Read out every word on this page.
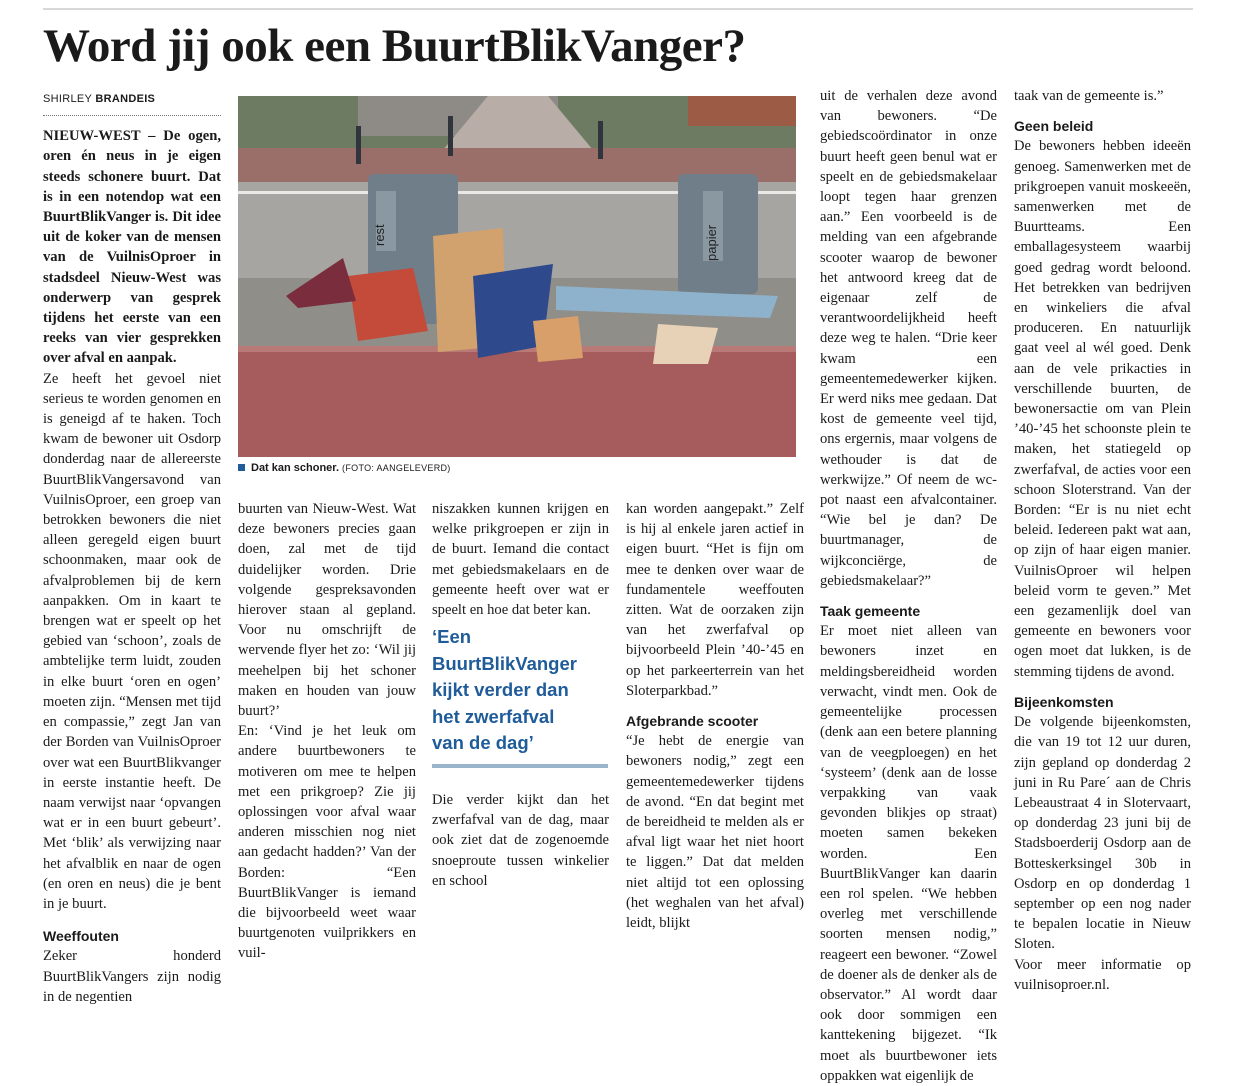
Word jij ook een BuurtBlikVanger?
SHIRLEY BRANDEIS

NIEUW-WEST – De ogen, oren én neus in je eigen steeds schonere buurt. Dat is in een notendop wat een BuurtBlikVanger is. Dit idee uit de koker van de mensen van de VuilnisOproer in stadsdeel Nieuw-West was onderwerp van gesprek tijdens het eerste van een reeks van vier gesprekken over afval en aanpak.

Ze heeft het gevoel niet serieus te worden genomen en is geneigd af te haken. Toch kwam de bewoner uit Osdorp donderdag naar de allereerste BuurtBlikVangersavond van VuilnisOproer, een groep van betrokken bewoners die niet alleen geregeld eigen buurt schoonmaken, maar ook de afvalproblemen bij de kern aanpakken. Om in kaart te brengen wat er speelt op het gebied van ‘schoon’, zoals de ambtelijke term luidt, zouden in elke buurt ‘oren en ogen’ moeten zijn. “Mensen met tijd en compassie,” zegt Jan van der Borden van VuilnisOproer over wat een BuurtBlikvanger in eerste instantie heeft. De naam verwijst naar ‘opvangen wat er in een buurt gebeurt’. Met ‘blik’ als verwijzing naar het afvalblik en naar de ogen (en oren en neus) die je bent in je buurt.

Weeffouten

Zeker honderd BuurtBlikVangers zijn nodig in de negentien

rest	papier
Dat kan schoner. (FOTO: AANGELEVERD)

buurten van Nieuw-West. Wat deze bewoners precies gaan doen, zal met de tijd duidelijker worden. Drie volgende gespreksavonden hierover staan al gepland. Voor nu omschrijft de wervende flyer het zo: ‘Wil jij meehelpen bij het schoner maken en houden van jouw buurt?’

En: ‘Vind je het leuk om andere buurtbewoners te motiveren om mee te helpen met een prikgroep? Zie jij oplossingen voor afval waar anderen misschien nog niet aan gedacht hadden?’ Van der Borden: “Een BuurtBlikVanger is iemand die bijvoorbeeld weet waar buurtgenoten vuilprikkers en vuil-

niszakken kunnen krijgen en welke prikgroepen er zijn in de buurt. Iemand die contact met gebiedsmakelaars en de gemeente heeft over wat er speelt en hoe dat beter kan.

‘Een
BuurtBlikVanger
kijkt verder dan
het zwerfafval
van de dag’

Die verder kijkt dan het zwerfafval van de dag, maar ook ziet dat de zogenoemde snoeproute tussen winkelier en school

kan worden aangepakt.” Zelf is hij al enkele jaren actief in eigen buurt. “Het is fijn om mee te denken over waar de fundamentele weeffouten zitten. Wat de oorzaken zijn van het zwerfafval op bijvoorbeeld Plein ’40-’45 en op het parkeerterrein van het Sloterparkbad.”

Afgebrande scooter

“Je hebt de energie van bewoners nodig,” zegt een gemeentemedewerker tijdens de avond. “En dat begint met de bereidheid te melden als er afval ligt waar het niet hoort te liggen.” Dat dat melden niet altijd tot een oplossing (het weghalen van het afval) leidt, blijkt

uit de verhalen deze avond van bewoners. “De gebiedscoördinator in onze buurt heeft geen benul wat er speelt en de gebiedsmakelaar loopt tegen haar grenzen aan.” Een voorbeeld is de melding van een afgebrande scooter waarop de bewoner het antwoord kreeg dat de eigenaar zelf de verantwoordelijkheid heeft deze weg te halen. “Drie keer kwam een gemeentemedewerker kijken. Er werd niks mee gedaan. Dat kost de gemeente veel tijd, ons ergernis, maar volgens de wethouder is dat de werkwijze.” Of neem de wc-pot naast een afvalcontainer. “Wie bel je dan? De buurtmanager, de wijkconciërge, de gebiedsmakelaar?”

Taak gemeente

Er moet niet alleen van bewoners inzet en meldingsbereidheid worden verwacht, vindt men. Ook de gemeentelijke processen (denk aan een betere planning van de veegploegen) en het ‘systeem’ (denk aan de losse verpakking van vaak gevonden blikjes op straat) moeten samen bekeken worden. Een BuurtBlikVanger kan daarin een rol spelen. “We hebben overleg met verschillende soorten mensen nodig,” reageert een bewoner. “Zowel de doener als de denker als de observator.” Al wordt daar ook door sommigen een kanttekening bijgezet. “Ik moet als buurtbewoner iets oppakken wat eigenlijk de

taak van de gemeente is.”

Geen beleid

De bewoners hebben ideeën genoeg. Samenwerken met de prikgroepen vanuit moskeeën, samenwerken met de Buurtteams. Een emballagesysteem waarbij goed gedrag wordt beloond. Het betrekken van bedrijven en winkeliers die afval produceren. En natuurlijk gaat veel al wél goed. Denk aan de vele prikacties in verschillende buurten, de bewonersactie om van Plein ’40-’45 het schoonste plein te maken, het statiegeld op zwerfafval, de acties voor een schoon Sloterstrand. Van der Borden: “Er is nu niet echt beleid. Iedereen pakt wat aan, op zijn of haar eigen manier. VuilnisOproer wil helpen beleid vorm te geven.” Met een gezamenlijk doel van gemeente en bewoners voor ogen moet dat lukken, is de stemming tijdens de avond.

Bijeenkomsten

De volgende bijeenkomsten, die van 19 tot 12 uur duren, zijn gepland op donderdag 2 juni in Ru Pare´ aan de Chris Lebeaustraat 4 in Slotervaart, op donderdag 23 juni bij de Stadsboerderij Osdorp aan de Botteskerksingel 30b in Osdorp en op donderdag 1 september op een nog nader te bepalen locatie in Nieuw Sloten.

Voor meer informatie op vuilnisoproer.nl.
